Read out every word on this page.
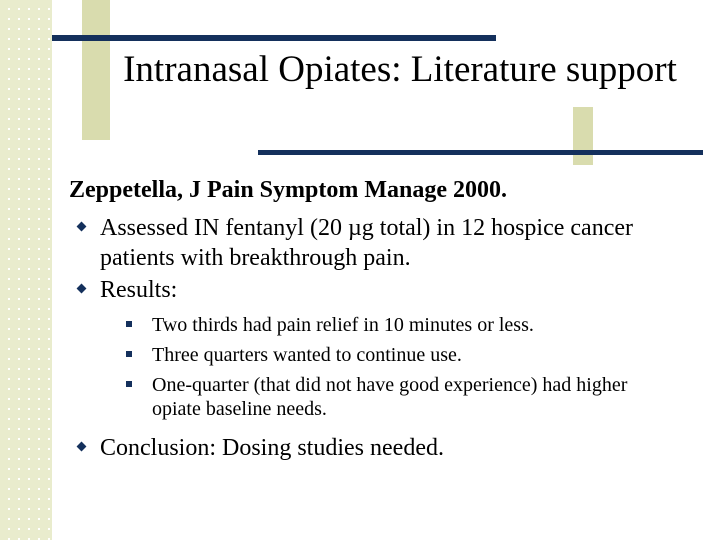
Intranasal Opiates: Literature support
Zeppetella, J Pain Symptom Manage 2000.
Assessed IN fentanyl (20 µg total) in 12 hospice cancer patients with breakthrough pain.
Results:
Two thirds had pain relief in 10 minutes or less.
Three quarters wanted to continue use.
One-quarter (that did not have good experience) had higher opiate baseline needs.
Conclusion: Dosing studies needed.
